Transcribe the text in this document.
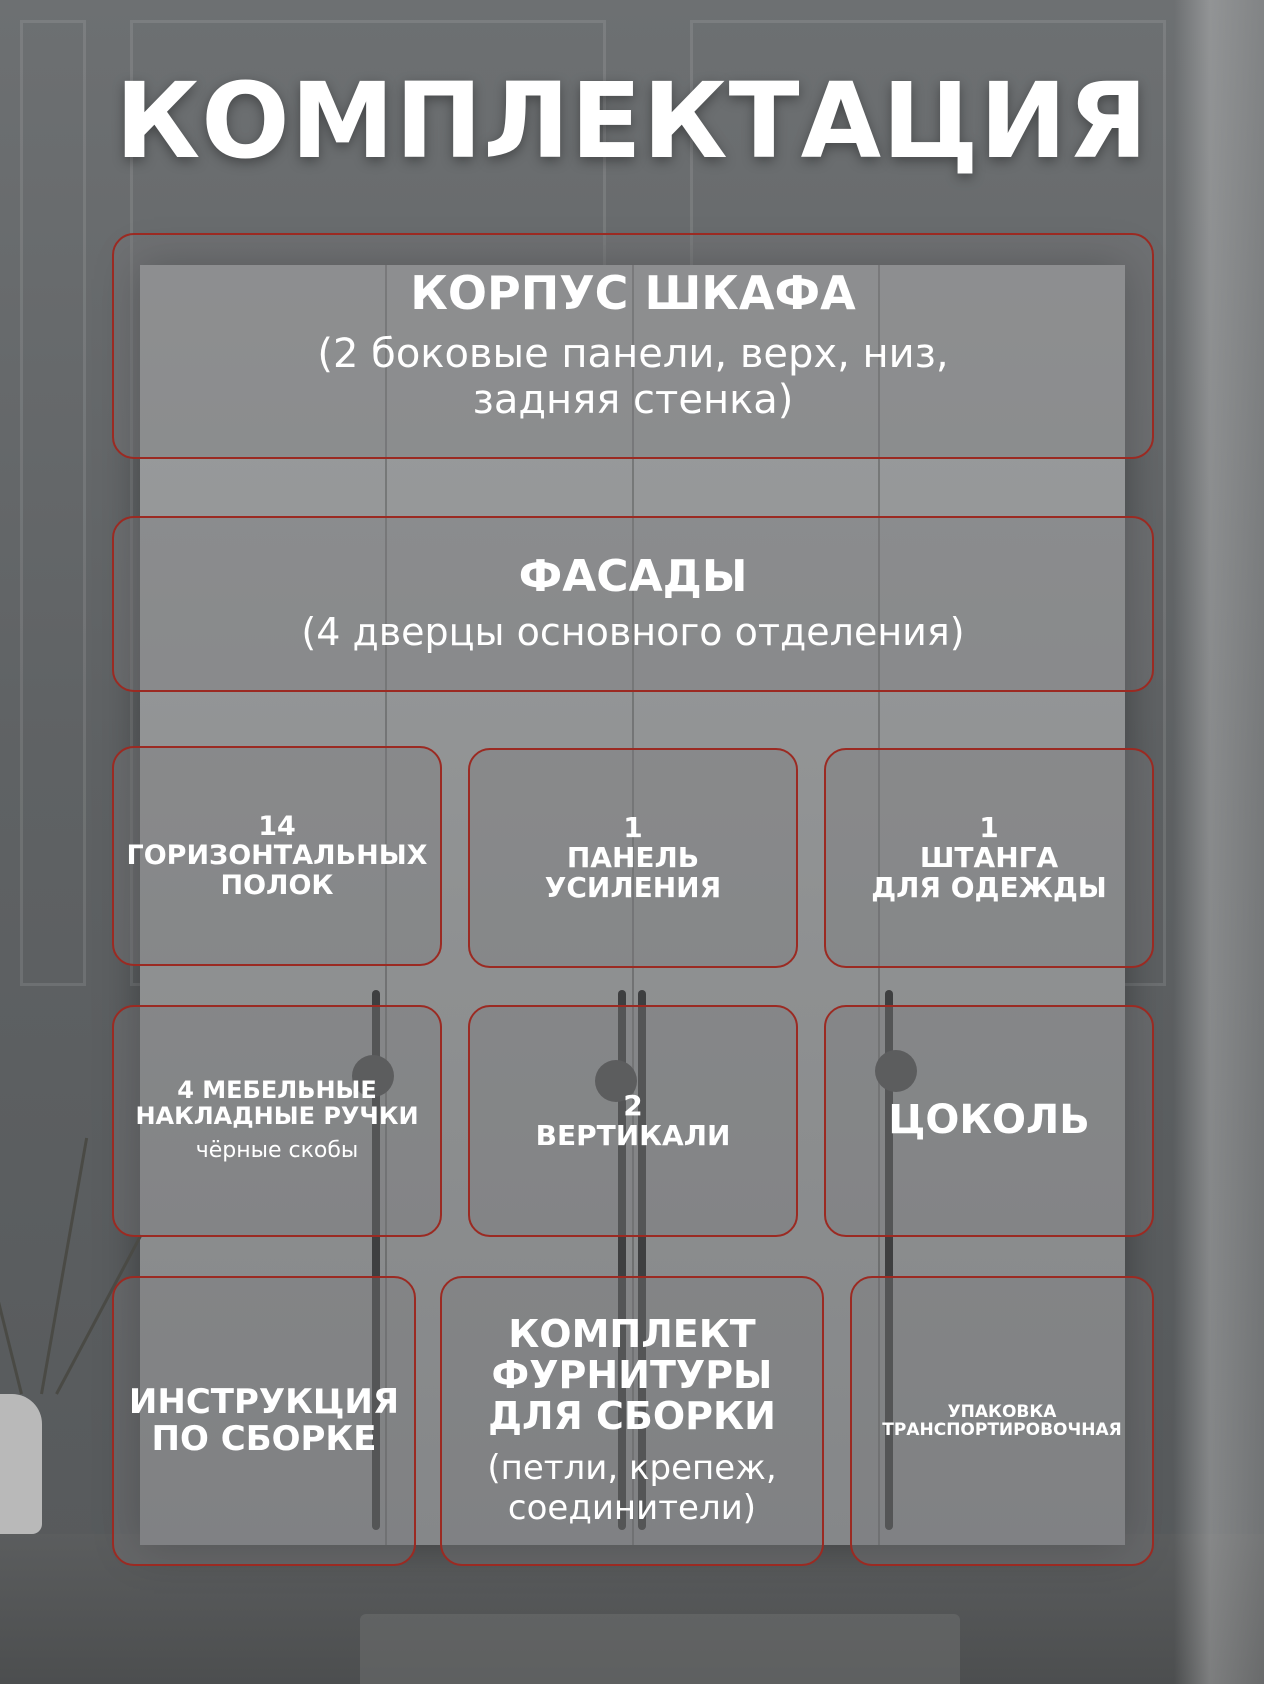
КОМПЛЕКТАЦИЯ
КОРПУС ШКАФА
(2 боковые панели, верх, низ,
задняя стенка)
ФАСАДЫ
(4 дверцы основного отделения)
14
ГОРИЗОНТАЛЬНЫХ
ПОЛОК
1
ПАНЕЛЬ
УСИЛЕНИЯ
1
ШТАНГА
ДЛЯ ОДЕЖДЫ
4 МЕБЕЛЬНЫЕ
НАКЛАДНЫЕ РУЧКИ
чёрные скобы
2
ВЕРТИКАЛИ	ЦОКОЛЬ
ИНСТРУКЦИЯ
ПО СБОРКЕ
КОМПЛЕКТ
ФУРНИТУРЫ
ДЛЯ СБОРКИ
(петли, крепеж,
соединители)
УПАКОВКА
ТРАНСПОРТИРОВОЧНАЯ
